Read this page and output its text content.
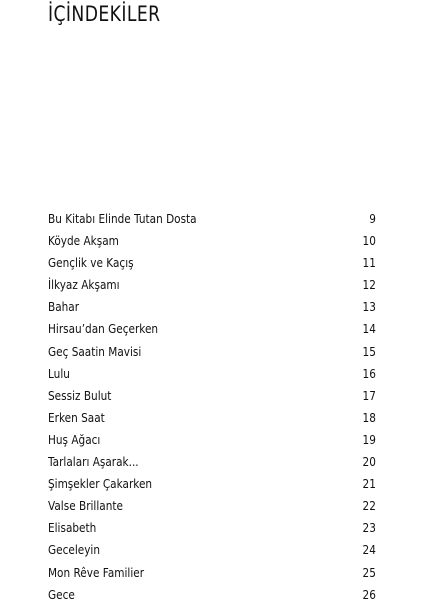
İÇİNDEKİLER
Bu Kitabı Elinde Tutan Dosta	9
Köyde Akşam	10
Gençlik ve Kaçış	11
İlkyaz Akşamı	12
Bahar	13
Hirsau’dan Geçerken	14
Geç Saatin Mavisi	15
Lulu	16
Sessiz Bulut	17
Erken Saat	18
Huş Ağacı	19
Tarlaları Aşarak...	20
Şimşekler Çakarken	21
Valse Brillante	22
Elisabeth	23
Geceleyin	24
Mon Rêve Familier	25
Gece	26
